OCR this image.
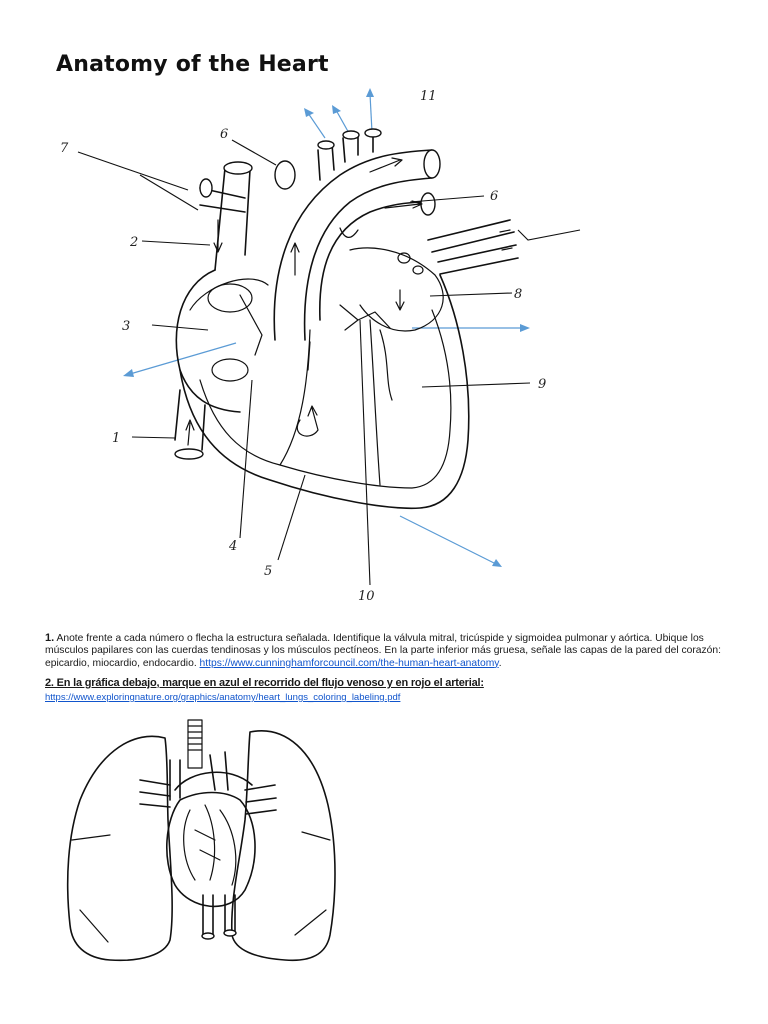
Anatomy of the Heart
1
2
3
4
5
6
6
7
8
9
10
11

1. Anote frente a cada número o flecha la estructura señalada. Identifique la válvula mitral, tricúspide y sigmoidea pulmonar y aórtica. Ubique los músculos papilares con las cuerdas tendinosas y los músculos pectíneos. En la parte inferior más gruesa, señale las capas de la pared del corazón: epicardio, miocardio, endocardio. https://www.cunninghamforcouncil.com/the-human-heart-anatomy.

2. En la gráfica debajo, marque en azul el recorrido del flujo venoso y en rojo el arterial:

https://www.exploringnature.org/graphics/anatomy/heart_lungs_coloring_labeling.pdf
